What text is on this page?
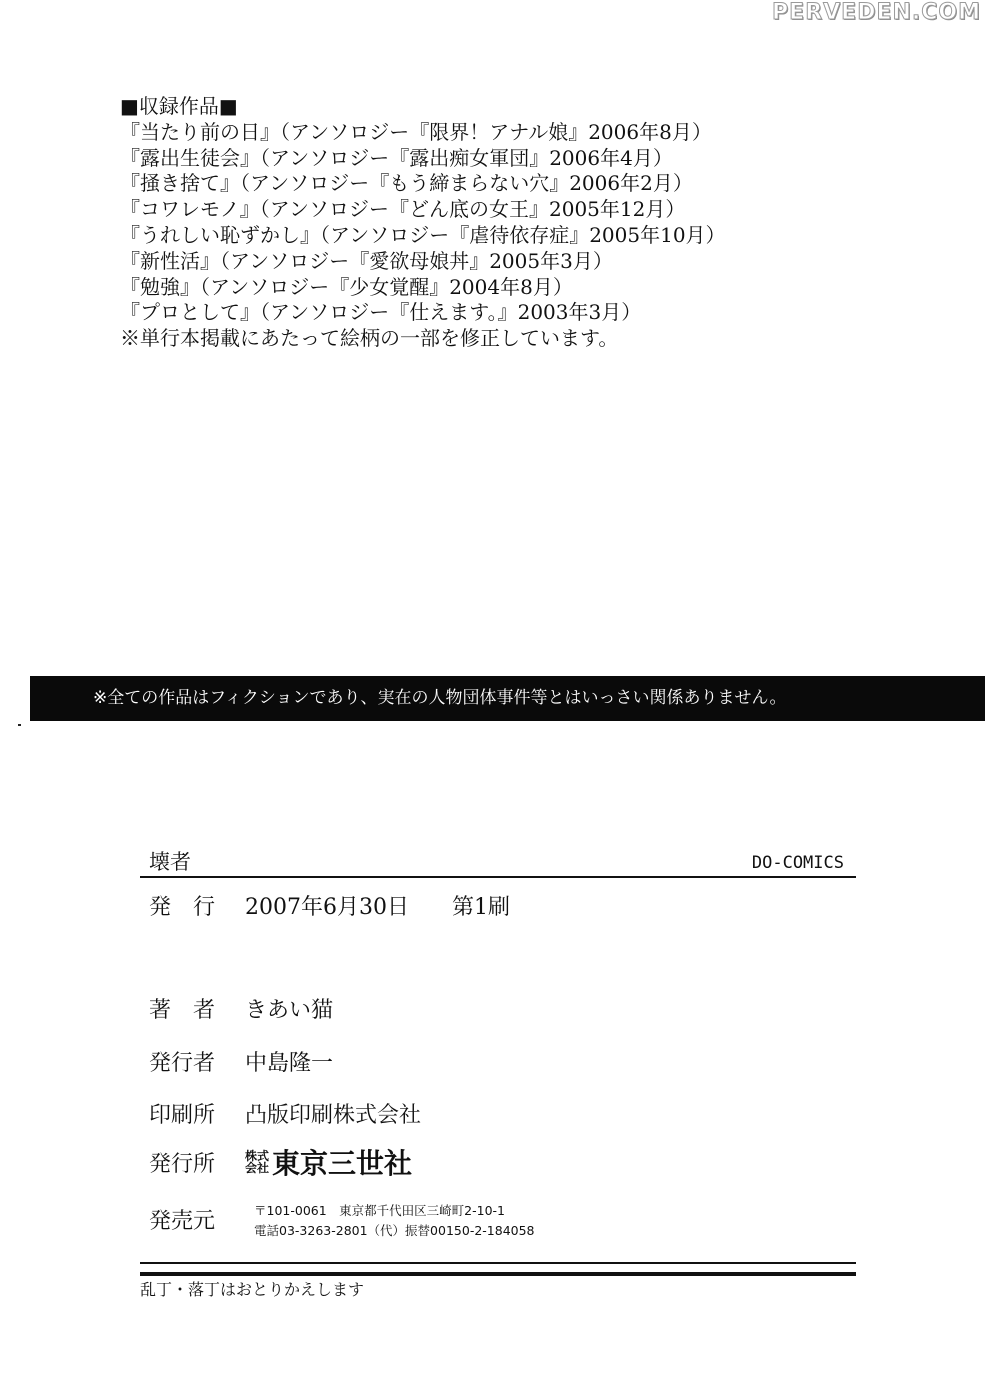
PERVEDEN.COM
■収録作品■
『当たり前の日』（アンソロジー『限界！アナル娘』2006年8月）
『露出生徒会』（アンソロジー『露出痴女軍団』2006年4月）
『掻き捨て』（アンソロジー『もう締まらない穴』2006年2月）
『コワレモノ』（アンソロジー『どん底の女王』2005年12月）
『うれしい恥ずかし』（アンソロジー『虐待依存症』2005年10月）
『新性活』（アンソロジー『愛欲母娘丼』2005年3月）
『勉強』（アンソロジー『少女覚醒』2004年8月）
『プロとして』（アンソロジー『仕えます。』2003年3月）
※単行本掲載にあたって絵柄の一部を修正しています。
※全ての作品はフィクションであり、実在の人物団体事件等とはいっさい関係ありません。
壊者	DO-COMICS
発　行 2007年6月30日 第1刷
著　者 きあい猫
発行者 中島隆一
印刷所 凸版印刷株式会社
発行所 株式
会社 東京三世社
発売元	〒101-0061　東京都千代田区三崎町2-10-1
電話03-3263-2801（代）振替00150-2-184058
乱丁・落丁はおとりかえします
